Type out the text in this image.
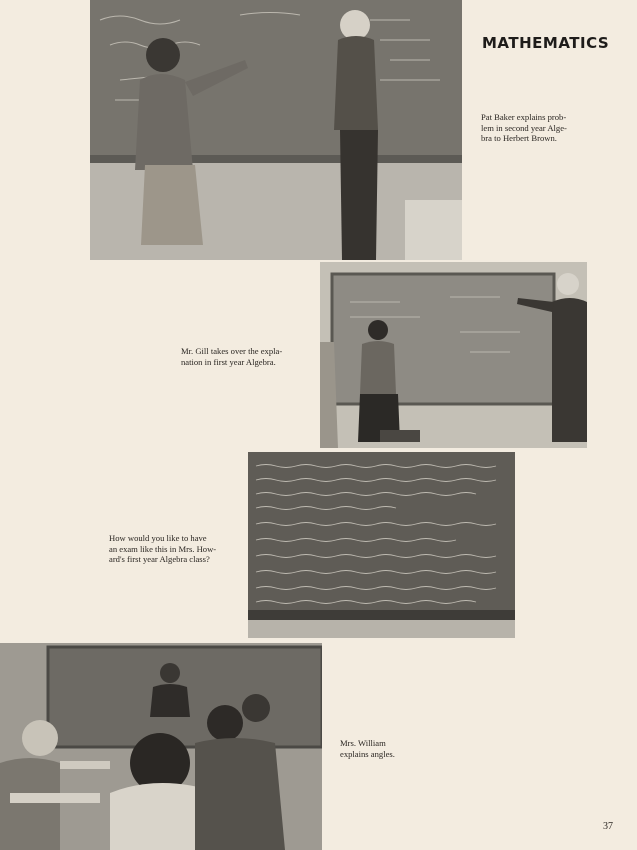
MATHEMATICS
Pat Baker explains prob-
lem in second year Alge-
bra to Herbert Brown.
Mr. Gill takes over the expla-
nation in first year Algebra.
How would you like to have
an exam like this in Mrs. How-
ard's first year Algebra class?
Mrs. William
explains angles.
37
